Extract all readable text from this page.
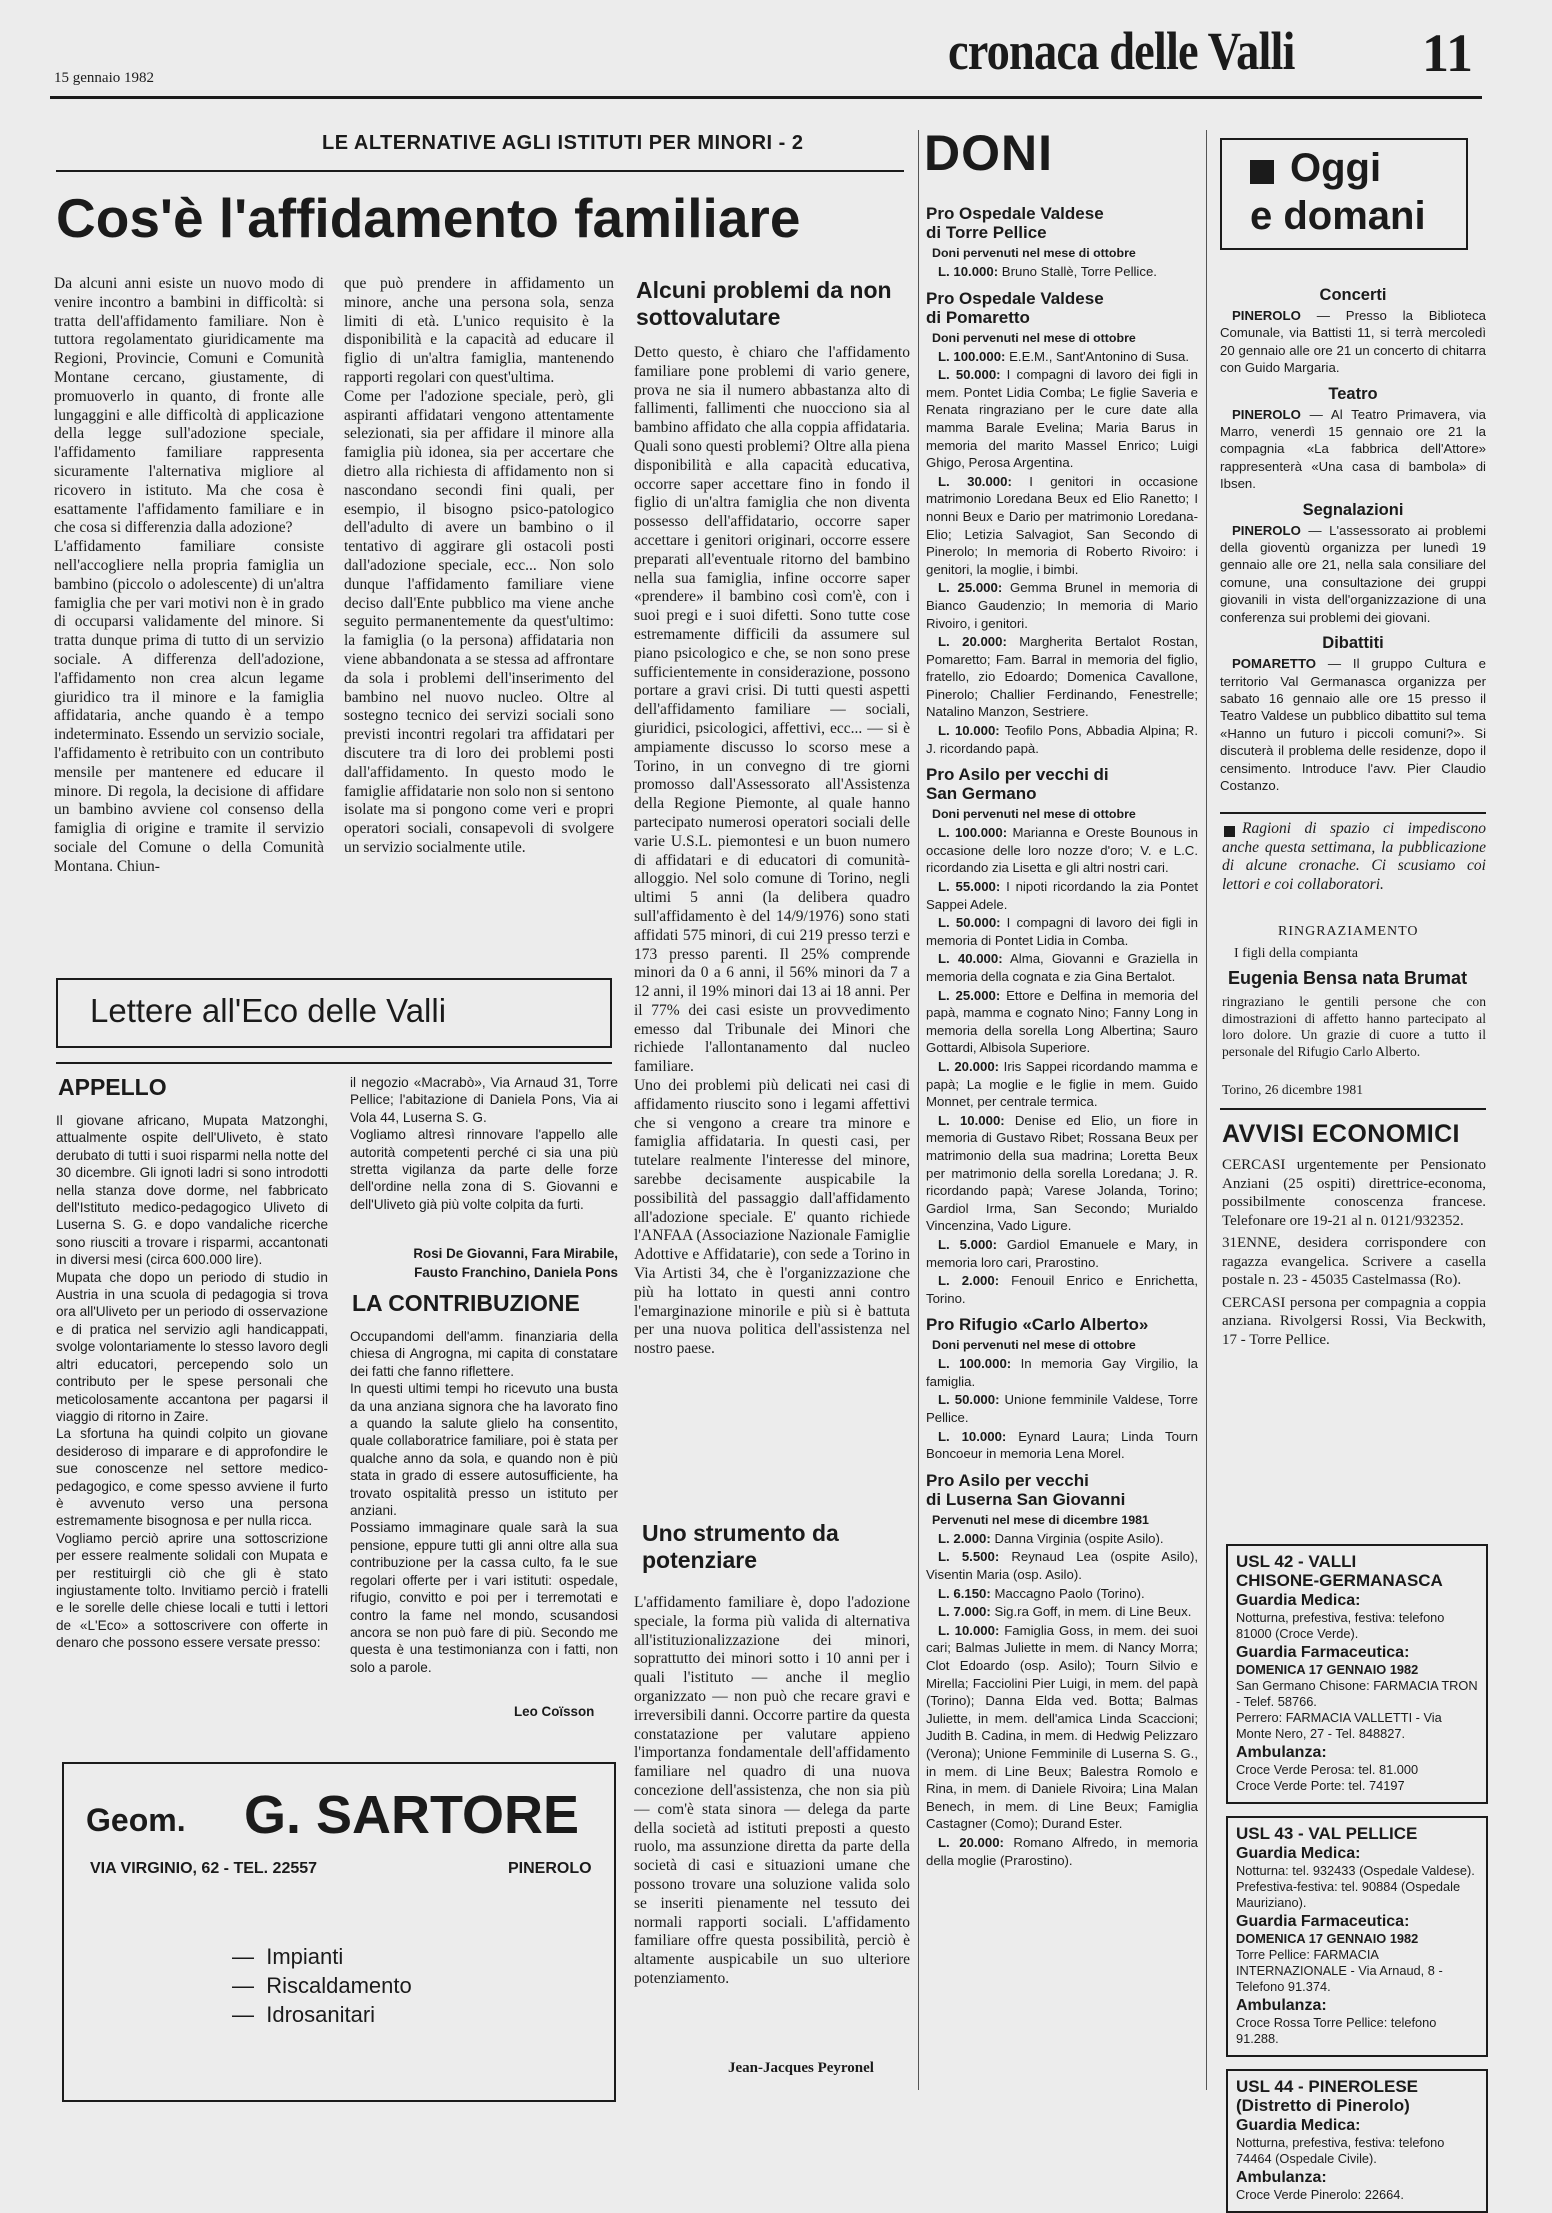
15 gennaio 1982	cronaca delle Valli 11
LE ALTERNATIVE AGLI ISTITUTI PER MINORI - 2
Cos'è l'affidamento familiare
Da alcuni anni esiste un nuovo modo di venire incontro a bambini in difficoltà: si tratta dell'affidamento familiare. Non è tuttora regolamentato giuridicamente ma Regioni, Provincie, Comuni e Comunità Montane cercano, giustamente, di promuoverlo in quanto, di fronte alle lungaggini e alle difficoltà di applicazione della legge sull'adozione speciale, l'affidamento familiare rappresenta sicuramente l'alternativa migliore al ricovero in istituto. Ma che cosa è esattamente l'affidamento familiare e in che cosa si differenzia dalla adozione?
L'affidamento familiare consiste nell'accogliere nella propria famiglia un bambino (piccolo o adolescente) di un'altra famiglia che per vari motivi non è in grado di occuparsi validamente del minore. Si tratta dunque prima di tutto di un servizio sociale. A differenza dell'adozione, l'affidamento non crea alcun legame giuridico tra il minore e la famiglia affidataria, anche quando è a tempo indeterminato. Essendo un servizio sociale, l'affidamento è retribuito con un contributo mensile per mantenere ed educare il minore. Di regola, la decisione di affidare un bambino avviene col consenso della famiglia di origine e tramite il servizio sociale del Comune o della Comunità Montana. Chiun-
que può prendere in affidamento un minore, anche una persona sola, senza limiti di età. L'unico requisito è la disponibilità e la capacità ad educare il figlio di un'altra famiglia, mantenendo rapporti regolari con quest'ultima.
Come per l'adozione speciale, però, gli aspiranti affidatari vengono attentamente selezionati, sia per affidare il minore alla famiglia più idonea, sia per accertare che dietro alla richiesta di affidamento non si nascondano secondi fini quali, per esempio, il bisogno psico-patologico dell'adulto di avere un bambino o il tentativo di aggirare gli ostacoli posti dall'adozione speciale, ecc... Non solo dunque l'affidamento familiare viene deciso dall'Ente pubblico ma viene anche seguito permanentemente da quest'ultimo: la famiglia (o la persona) affidataria non viene abbandonata a se stessa ad affrontare da sola i problemi dell'inserimento del bambino nel nuovo nucleo. Oltre al sostegno tecnico dei servizi sociali sono previsti incontri regolari tra affidatari per discutere tra di loro dei problemi posti dall'affidamento. In questo modo le famiglie affidatarie non solo non si sentono isolate ma si pongono come veri e propri operatori sociali, consapevoli di svolgere un servizio socialmente utile.
Alcuni problemi da non sottovalutare
Detto questo, è chiaro che l'affidamento familiare pone problemi di vario genere, prova ne sia il numero abbastanza alto di fallimenti, fallimenti che nuocciono sia al bambino affidato che alla coppia affidataria. Quali sono questi problemi? Oltre alla piena disponibilità e alla capacità educativa, occorre saper accettare fino in fondo il figlio di un'altra famiglia che non diventa possesso dell'affidatario, occorre saper accettare i genitori originari, occorre essere preparati all'eventuale ritorno del bambino nella sua famiglia, infine occorre saper «prendere» il bambino così com'è, con i suoi pregi e i suoi difetti. Sono tutte cose estremamente difficili da assumere sul piano psicologico e che, se non sono prese sufficientemente in considerazione, possono portare a gravi crisi. Di tutti questi aspetti dell'affidamento familiare — sociali, giuridici, psicologici, affettivi, ecc... — si è ampiamente discusso lo scorso mese a Torino, in un convegno di tre giorni promosso dall'Assessorato all'Assistenza della Regione Piemonte, al quale hanno partecipato numerosi operatori sociali delle varie U.S.L. piemontesi e un buon numero di affidatari e di educatori di comunità-alloggio. Nel solo comune di Torino, negli ultimi 5 anni (la delibera quadro sull'affidamento è del 14/9/1976) sono stati affidati 575 minori, di cui 219 presso terzi e 173 presso parenti. Il 25% comprende minori da 0 a 6 anni, il 56% minori da 7 a 12 anni, il 19% minori dai 13 ai 18 anni. Per il 77% dei casi esiste un provvedimento emesso dal Tribunale dei Minori che richiede l'allontanamento dal nucleo familiare.
Uno dei problemi più delicati nei casi di affidamento riuscito sono i legami affettivi che si vengono a creare tra minore e famiglia affidataria. In questi casi, per tutelare realmente l'interesse del minore, sarebbe decisamente auspicabile la possibilità del passaggio dall'affidamento all'adozione speciale. E' quanto richiede l'ANFAA (Associazione Nazionale Famiglie Adottive e Affidatarie), con sede a Torino in Via Artisti 34, che è l'organizzazione che più ha lottato in questi anni contro l'emarginazione minorile e più si è battuta per una nuova politica dell'assistenza nel nostro paese.
Uno strumento da potenziare
L'affidamento familiare è, dopo l'adozione speciale, la forma più valida di alternativa all'istituzionalizzazione dei minori, soprattutto dei minori sotto i 10 anni per i quali l'istituto — anche il meglio organizzato — non può che recare gravi e irreversibili danni. Occorre partire da questa constatazione per valutare appieno l'importanza fondamentale dell'affidamento familiare nel quadro di una nuova concezione dell'assistenza, che non sia più — com'è stata sinora — delega da parte della società ad istituti preposti a questo ruolo, ma assunzione diretta da parte della società di casi e situazioni umane che possono trovare una soluzione valida solo se inseriti pienamente nel tessuto dei normali rapporti sociali. L'affidamento familiare offre questa possibilità, perciò è altamente auspicabile un suo ulteriore potenziamento.
Jean-Jacques Peyronel
Lettere all'Eco delle Valli
APPELLO
Il giovane africano, Mupata Matzonghi, attualmente ospite dell'Uliveto, è stato derubato di tutti i suoi risparmi nella notte del 30 dicembre. Gli ignoti ladri si sono introdotti nella stanza dove dorme, nel fabbricato dell'Istituto medico-pedagogico Uliveto di Luserna S. G. e dopo vandaliche ricerche sono riusciti a trovare i risparmi, accantonati in diversi mesi (circa 600.000 lire).
Mupata che dopo un periodo di studio in Austria in una scuola di pedagogia si trova ora all'Uliveto per un periodo di osservazione e di pratica nel servizio agli handicappati, svolge volontariamente lo stesso lavoro degli altri educatori, percependo solo un contributo per le spese personali che meticolosamente accantona per pagarsi il viaggio di ritorno in Zaire.
La sfortuna ha quindi colpito un giovane desideroso di imparare e di approfondire le sue conoscenze nel settore medico-pedagogico, e come spesso avviene il furto è avvenuto verso una persona estremamente bisognosa e per nulla ricca.
Vogliamo perciò aprire una sottoscrizione per essere realmente solidali con Mupata e per restituirgli ciò che gli è stato ingiustamente tolto. Invitiamo perciò i fratelli e le sorelle delle chiese locali e tutti i lettori de «L'Eco» a sottoscrivere con offerte in denaro che possono essere versate presso:
il negozio «Macrabò», Via Arnaud 31, Torre Pellice; l'abitazione di Daniela Pons, Via ai Vola 44, Luserna S. G.
Vogliamo altresì rinnovare l'appello alle autorità competenti perché ci sia una più stretta vigilanza da parte delle forze dell'ordine nella zona di S. Giovanni e dell'Uliveto già più volte colpita da furti.
Rosi De Giovanni, Fara Mirabile,
Fausto Franchino, Daniela Pons
LA CONTRIBUZIONE
Occupandomi dell'amm. finanziaria della chiesa di Angrogna, mi capita di constatare dei fatti che fanno riflettere.
In questi ultimi tempi ho ricevuto una busta da una anziana signora che ha lavorato fino a quando la salute glielo ha consentito, quale collaboratrice familiare, poi è stata per qualche anno da sola, e quando non è più stata in grado di essere autosufficiente, ha trovato ospitalità presso un istituto per anziani.
Possiamo immaginare quale sarà la sua pensione, eppure tutti gli anni oltre alla sua contribuzione per la cassa culto, fa le sue regolari offerte per i vari istituti: ospedale, rifugio, convitto e poi per i terremotati e contro la fame nel mondo, scusandosi ancora se non può fare di più. Secondo me questa è una testimonianza con i fatti, non solo a parole.
Leo Coïsson
Geom. G. SARTORE
VIA VIRGINIO, 62 - TEL. 22557	PINEROLO
—  Impianti
—  Riscaldamento
—  Idrosanitari
DONI
Pro Ospedale Valdese
di Torre Pellice
Doni pervenuti nel mese di ottobre
L. 10.000: Bruno Stallè, Torre Pellice.
Pro Ospedale Valdese
di Pomaretto
Doni pervenuti nel mese di ottobre
L. 100.000: E.E.M., Sant'Antonino di Susa.
L. 50.000: I compagni di lavoro dei figli in mem. Pontet Lidia Comba; Le figlie Saveria e Renata ringraziano per le cure date alla mamma Barale Evelina; Maria Barus in memoria del marito Massel Enrico; Luigi Ghigo, Perosa Argentina.
L. 30.000: I genitori in occasione matrimonio Loredana Beux ed Elio Ranetto; I nonni Beux e Dario per matrimonio Loredana-Elio; Letizia Salvagiot, San Secondo di Pinerolo; In memoria di Roberto Rivoiro: i genitori, la moglie, i bimbi.
L. 25.000: Gemma Brunel in memoria di Bianco Gaudenzio; In memoria di Mario Rivoiro, i genitori.
L. 20.000: Margherita Bertalot Rostan, Pomaretto; Fam. Barral in memoria del figlio, fratello, zio Edoardo; Domenica Cavallone, Pinerolo; Challier Ferdinando, Fenestrelle; Natalino Manzon, Sestriere.
L. 10.000: Teofilo Pons, Abbadia Alpina; R. J. ricordando papà.
Pro Asilo per vecchi di
San Germano
Doni pervenuti nel mese di ottobre
L. 100.000: Marianna e Oreste Bounous in occasione delle loro nozze d'oro; V. e L.C. ricordando zia Lisetta e gli altri nostri cari.
L. 55.000: I nipoti ricordando la zia Pontet Sappei Adele.
L. 50.000: I compagni di lavoro dei figli in memoria di Pontet Lidia in Comba.
L. 40.000: Alma, Giovanni e Graziella in memoria della cognata e zia Gina Bertalot.
L. 25.000: Ettore e Delfina in memoria del papà, mamma e cognato Nino; Fanny Long in memoria della sorella Long Albertina; Sauro Gottardi, Albisola Superiore.
L. 20.000: Iris Sappei ricordando mamma e papà; La moglie e le figlie in mem. Guido Monnet, per centrale termica.
L. 10.000: Denise ed Elio, un fiore in memoria di Gustavo Ribet; Rossana Beux per matrimonio della sua madrina; Loretta Beux per matrimonio della sorella Loredana; J. R. ricordando papà; Varese Jolanda, Torino; Gardiol Irma, San Secondo; Murialdo Vincenzina, Vado Ligure.
L. 5.000: Gardiol Emanuele e Mary, in memoria loro cari, Prarostino.
L. 2.000: Fenouil Enrico e Enrichetta, Torino.
Pro Rifugio «Carlo Alberto»
Doni pervenuti nel mese di ottobre
L. 100.000: In memoria Gay Virgilio, la famiglia.
L. 50.000: Unione femminile Valdese, Torre Pellice.
L. 10.000: Eynard Laura; Linda Tourn Boncoeur in memoria Lena Morel.
Pro Asilo per vecchi
di Luserna San Giovanni
Pervenuti nel mese di dicembre 1981
L. 2.000: Danna Virginia (ospite Asilo).
L. 5.500: Reynaud Lea (ospite Asilo), Visentin Maria (osp. Asilo).
L. 6.150: Maccagno Paolo (Torino).
L. 7.000: Sig.ra Goff, in mem. di Line Beux.
L. 10.000: Famiglia Goss, in mem. dei suoi cari; Balmas Juliette in mem. di Nancy Morra; Clot Edoardo (osp. Asilo); Tourn Silvio e Mirella; Facciolini Pier Luigi, in mem. del papà (Torino); Danna Elda ved. Botta; Balmas Juliette, in mem. dell'amica Linda Scaccioni; Judith B. Cadina, in mem. di Hedwig Pelizzaro (Verona); Unione Femminile di Luserna S. G., in mem. di Line Beux; Balestra Romolo e Rina, in mem. di Daniele Rivoira; Lina Malan Benech, in mem. di Line Beux; Famiglia Castagner (Como); Durand Ester.
L. 20.000: Romano Alfredo, in memoria della moglie (Prarostino).
Oggi
e domani
Concerti
PINEROLO — Presso la Biblioteca Comunale, via Battisti 11, si terrà mercoledì 20 gennaio alle ore 21 un concerto di chitarra con Guido Margaria.
Teatro
PINEROLO — Al Teatro Primavera, via Marro, venerdì 15 gennaio ore 21 la compagnia «La fabbrica dell'Attore» rappresenterà «Una casa di bambola» di Ibsen.
Segnalazioni
PINEROLO — L'assessorato ai problemi della gioventù organizza per lunedì 19 gennaio alle ore 21, nella sala consiliare del comune, una consultazione dei gruppi giovanili in vista dell'organizzazione di una conferenza sui problemi dei giovani.
Dibattiti
POMARETTO — Il gruppo Cultura e territorio Val Germanasca organizza per sabato 16 gennaio alle ore 15 presso il Teatro Valdese un pubblico dibattito sul tema «Hanno un futuro i piccoli comuni?». Si discuterà il problema delle residenze, dopo il censimento. Introduce l'avv. Pier Claudio Costanzo.
Ragioni di spazio ci impediscono anche questa settimana, la pubblicazione di alcune cronache. Ci scusiamo coi lettori e coi collaboratori.
RINGRAZIAMENTO
I figli della compianta
Eugenia Bensa nata Brumat
ringraziano le gentili persone che con dimostrazioni di affetto hanno partecipato al loro dolore. Un grazie di cuore a tutto il personale del Rifugio Carlo Alberto.
Torino, 26 dicembre 1981
AVVISI ECONOMICI
CERCASI urgentemente per Pensionato Anziani (25 ospiti) direttrice-economa, possibilmente conoscenza francese. Telefonare ore 19-21 al n. 0121/932352.
31ENNE, desidera corrispondere con ragazza evangelica. Scrivere a casella postale n. 23 - 45035 Castelmassa (Ro).
CERCASI persona per compagnia a coppia anziana. Rivolgersi Rossi, Via Beckwith, 17 - Torre Pellice.
USL 42 - VALLI
CHISONE-GERMANASCA
Guardia Medica:
Notturna, prefestiva, festiva: telefono 81000 (Croce Verde).
Guardia Farmaceutica:
DOMENICA 17 GENNAIO 1982
San Germano Chisone: FARMACIA TRON - Telef. 58766.
Perrero: FARMACIA VALLETTI - Via Monte Nero, 27 - Tel. 848827.
Ambulanza:
Croce Verde Perosa: tel. 81.000
Croce Verde Porte: tel. 74197
USL 43 - VAL PELLICE
Guardia Medica:
Notturna: tel. 932433 (Ospedale Valdese).
Prefestiva-festiva: tel. 90884 (Ospedale Mauriziano).
Guardia Farmaceutica:
DOMENICA 17 GENNAIO 1982
Torre Pellice: FARMACIA INTERNAZIONALE - Via Arnaud, 8 - Telefono 91.374.
Ambulanza:
Croce Rossa Torre Pellice: telefono 91.288.
USL 44 - PINEROLESE
(Distretto di Pinerolo)
Guardia Medica:
Notturna, prefestiva, festiva: telefono 74464 (Ospedale Civile).
Ambulanza:
Croce Verde Pinerolo: 22664.
